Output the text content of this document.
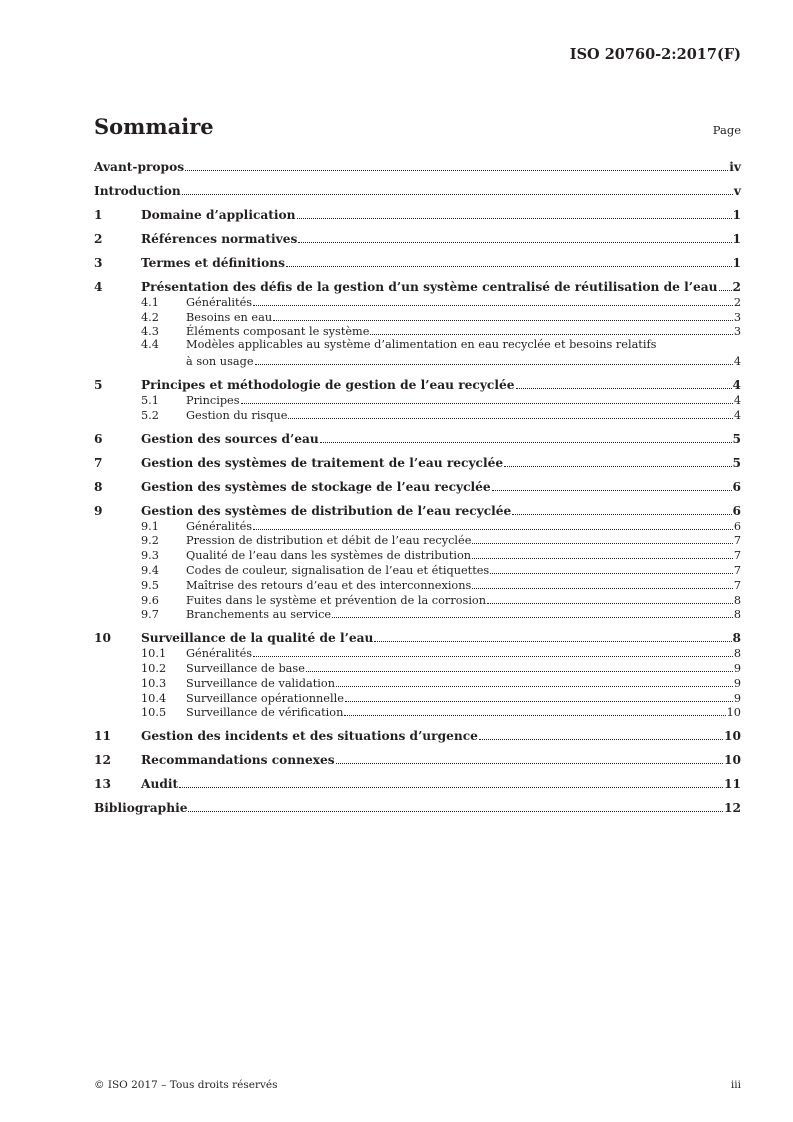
ISO 20760-2:2017(F)
Sommaire	Page
Avant-propos	iv
Introduction	v
1	Domaine d’application	1
2	Références normatives	1
3	Termes et définitions	1
4	Présentation des défis de la gestion d’un système centralisé de réutilisation de l’eau 2
4.1	Généralités	2
4.2	Besoins en eau	3
4.3	Éléments composant le système	3
4.4	Modèles applicables au système d’alimentation en eau recyclée et besoins relatifs
à son usage	4
5	Principes et méthodologie de gestion de l’eau recyclée	4
5.1	Principes	4
5.2	Gestion du risque	4
6	Gestion des sources d’eau	5
7	Gestion des systèmes de traitement de l’eau recyclée	5
8	Gestion des systèmes de stockage de l’eau recyclée	6
9	Gestion des systèmes de distribution de l’eau recyclée	6
9.1	Généralités	6
9.2	Pression de distribution et débit de l’eau recyclée	7
9.3	Qualité de l’eau dans les systèmes de distribution	7
9.4	Codes de couleur, signalisation de l’eau et étiquettes	7
9.5	Maîtrise des retours d’eau et des interconnexions	7
9.6	Fuites dans le système et prévention de la corrosion	8
9.7	Branchements au service	8
10	Surveillance de la qualité de l’eau	8
10.1	Généralités	8
10.2	Surveillance de base	9
10.3	Surveillance de validation	9
10.4	Surveillance opérationnelle	9
10.5	Surveillance de vérification	10
11	Gestion des incidents et des situations d’urgence	10
12	Recommandations connexes	10
13	Audit	11
Bibliographie	12
© ISO 2017 – Tous droits réservés	iii
